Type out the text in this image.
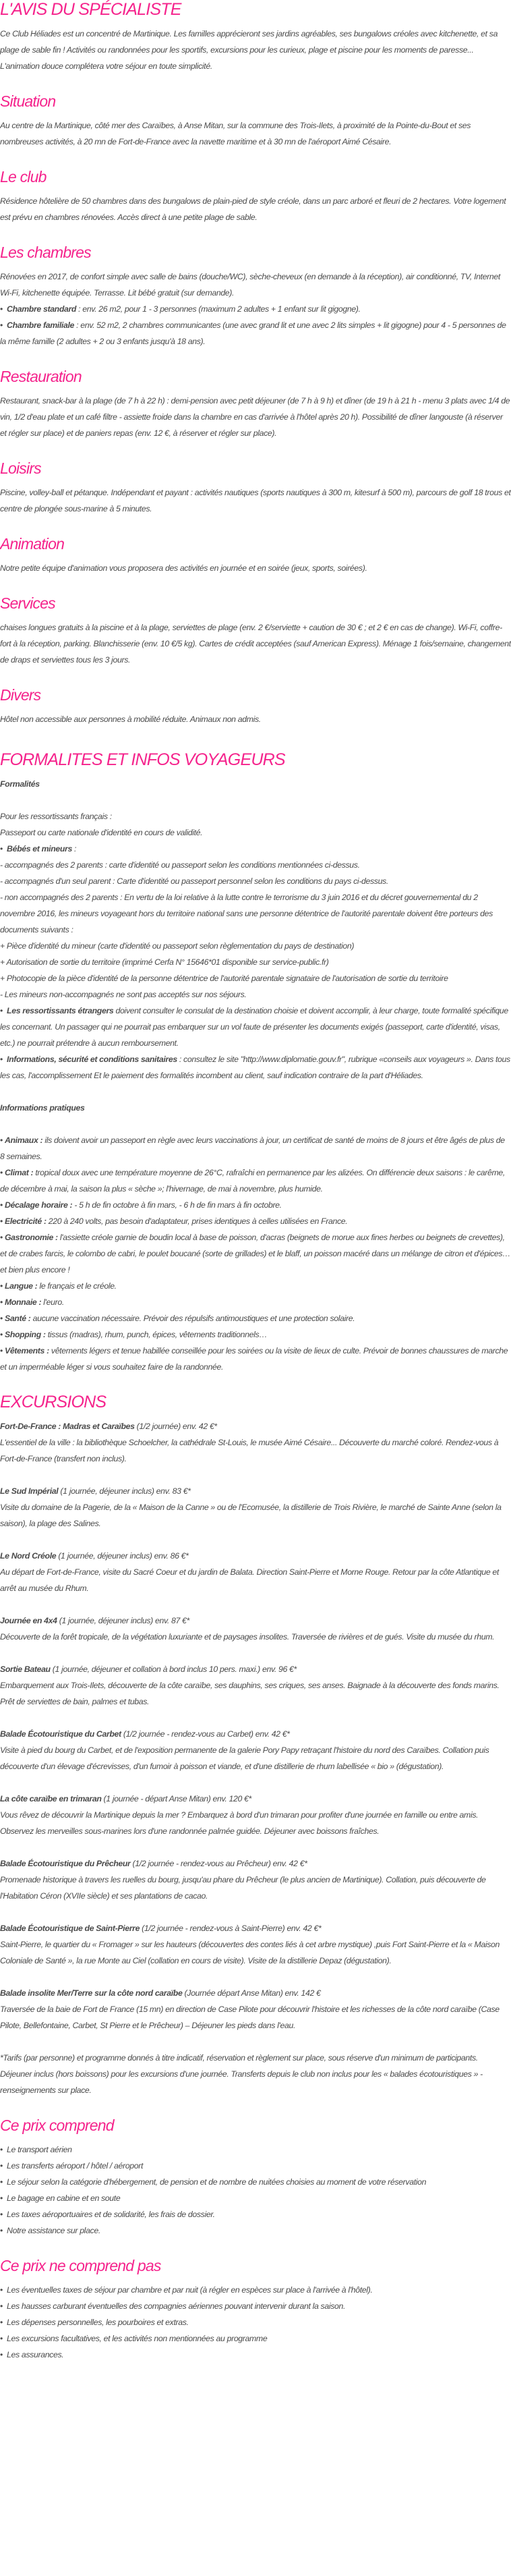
L'AVIS DU SPÉCIALISTE

Ce Club Héliades est un concentré de Martinique. Les familles apprécieront ses jardins agréables, ses bungalows créoles avec kitchenette, et sa plage de sable fin ! Activités ou randonnées pour les sportifs, excursions pour les curieux, plage et piscine pour les moments de paresse... L'animation douce complétera votre séjour en toute simplicité.

Situation

Au centre de la Martinique, côté mer des Caraïbes, à Anse Mitan, sur la commune des Trois-Ilets, à proximité de la Pointe-du-Bout et ses nombreuses activités, à 20 mn de Fort-de-France avec la navette maritime et à 30 mn de l'aéroport Aimé Césaire.

Le club

Résidence hôtelière de 50 chambres dans des bungalows de plain-pied de style créole, dans un parc arboré et fleuri de 2 hectares. Votre logement est prévu en chambres rénovées. Accès direct à une petite plage de sable.

Les chambres

Rénovées en 2017, de confort simple avec salle de bains (douche/WC), sèche-cheveux (en demande à la réception), air conditionné, TV, Internet Wi-Fi, kitchenette équipée. Terrasse. Lit bébé gratuit (sur demande).

• Chambre standard : env. 26 m2, pour 1 - 3 personnes (maximum 2 adultes + 1 enfant sur lit gigogne).

• Chambre familiale : env. 52 m2, 2 chambres communicantes (une avec grand lit et une avec 2 lits simples + lit gigogne) pour 4 - 5 personnes de la même famille (2 adultes + 2 ou 3 enfants jusqu'à 18 ans).

Restauration

Restaurant, snack-bar à la plage (de 7 h à 22 h) : demi-pension avec petit déjeuner (de 7 h à 9 h) et dîner (de 19 h à 21 h - menu 3 plats avec 1/4 de vin, 1/2 d'eau plate et un café filtre - assiette froide dans la chambre en cas d'arrivée à l'hôtel après 20 h). Possibilité de dîner langouste (à réserver et régler sur place) et de paniers repas (env. 12 €, à réserver et régler sur place).

Loisirs

Piscine, volley-ball et pétanque. Indépendant et payant : activités nautiques (sports nautiques à 300 m, kitesurf à 500 m), parcours de golf 18 trous et centre de plongée sous-marine à 5 minutes.

Animation

Notre petite équipe d'animation vous proposera des activités en journée et en soirée (jeux, sports, soirées).

Services

chaises longues gratuits à la piscine et à la plage, serviettes de plage (env. 2 €/serviette + caution de 30 € ; et 2 € en cas de change). Wi-Fi, coffre-fort à la réception, parking. Blanchisserie (env. 10 €/5 kg). Cartes de crédit acceptées (sauf American Express). Ménage 1 fois/semaine, changement de draps et serviettes tous les 3 jours.

Divers

Hôtel non accessible aux personnes à mobilité réduite. Animaux non admis.

FORMALITES ET INFOS VOYAGEURS
Formalités

Pour les ressortissants français :

Passeport ou carte nationale d'identité en cours de validité.

• Bébés et mineurs :

- accompagnés des 2 parents : carte d'identité ou passeport selon les conditions mentionnées ci-dessus.

- accompagnés d'un seul parent : Carte d'identité ou passeport personnel selon les conditions du pays ci-dessus.

- non accompagnés des 2 parents : En vertu de la loi relative à la lutte contre le terrorisme du 3 juin 2016 et du décret gouvernemental du 2 novembre 2016, les mineurs voyageant hors du territoire national sans une personne détentrice de l'autorité parentale doivent être porteurs des documents suivants :

+ Pièce d'identité du mineur (carte d'identité ou passeport selon règlementation du pays de destination)

+ Autorisation de sortie du territoire (imprimé Cerfa N° 15646*01 disponible sur service-public.fr)

+ Photocopie de la pièce d'identité de la personne détentrice de l'autorité parentale signataire de l'autorisation de sortie du territoire

- Les mineurs non-accompagnés ne sont pas acceptés sur nos séjours.

• Les ressortissants étrangers doivent consulter le consulat de la destination choisie et doivent accomplir, à leur charge, toute formalité spécifique les concernant. Un passager qui ne pourrait pas embarquer sur un vol faute de présenter les documents exigés (passeport, carte d'identité, visas, etc.) ne pourrait prétendre à aucun remboursement.

• Informations, sécurité et conditions sanitaires : consultez le site "http://www.diplomatie.gouv.fr", rubrique «conseils aux voyageurs ». Dans tous les cas, l'accomplissement Et le paiement des formalités incombent au client, sauf indication contraire de la part d'Héliades.

Informations pratiques

• Animaux : ils doivent avoir un passeport en règle avec leurs vaccinations à jour, un certificat de santé de moins de 8 jours et être âgés de plus de 8 semaines.

• Climat : tropical doux avec une température moyenne de 26°C, rafraîchi en permanence par les alizées. On différencie deux saisons : le carême, de décembre à mai, la saison la plus « sèche »; l'hivernage, de mai à novembre, plus humide.

• Décalage horaire : - 5 h de fin octobre à fin mars, - 6 h de fin mars à fin octobre.

• Electricité : 220 à 240 volts, pas besoin d'adaptateur, prises identiques à celles utilisées en France.

• Gastronomie : l'assiette créole garnie de boudin local à base de poisson, d'acras (beignets de morue aux fines herbes ou beignets de crevettes), et de crabes farcis, le colombo de cabri, le poulet boucané (sorte de grillades) et le blaff, un poisson macéré dans un mélange de citron et d'épices… et bien plus encore !

• Langue : le français et le créole.

• Monnaie : l'euro.

• Santé : aucune vaccination nécessaire. Prévoir des répulsifs antimoustiques et une protection solaire.

• Shopping : tissus (madras), rhum, punch, épices, vêtements traditionnels…

• Vêtements : vêtements légers et tenue habillée conseillée pour les soirées ou la visite de lieux de culte. Prévoir de bonnes chaussures de marche et un imperméable léger si vous souhaitez faire de la randonnée.

EXCURSIONS

Fort-De-France : Madras et Caraïbes (1/2 journée) env. 42 €*

L'essentiel de la ville : la bibliothèque Schoelcher, la cathédrale St-Louis, le musée Aimé Césaire... Découverte du marché coloré. Rendez-vous à Fort-de-France (transfert non inclus).

Le Sud Impérial (1 journée, déjeuner inclus) env. 83 €*

Visite du domaine de la Pagerie, de la « Maison de la Canne » ou de l'Ecomusée, la distillerie de Trois Rivière, le marché de Sainte Anne (selon la saison), la plage des Salines.

Le Nord Créole (1 journée, déjeuner inclus) env. 86 €*

Au départ de Fort-de-France, visite du Sacré Coeur et du jardin de Balata. Direction Saint-Pierre et Morne Rouge. Retour par la côte Atlantique et arrêt au musée du Rhum.

Journée en 4x4 (1 journée, déjeuner inclus) env. 87 €*

Découverte de la forêt tropicale, de la végétation luxuriante et de paysages insolites. Traversée de rivières et de gués. Visite du musée du rhum.

Sortie Bateau (1 journée, déjeuner et collation à bord inclus 10 pers. maxi.) env. 96 €*

Embarquement aux Trois-Ilets, découverte de la côte caraïbe, ses dauphins, ses criques, ses anses. Baignade à la découverte des fonds marins. Prêt de serviettes de bain, palmes et tubas.

Balade Écotouristique du Carbet (1/2 journée - rendez-vous au Carbet) env. 42 €*

Visite à pied du bourg du Carbet, et de l'exposition permanente de la galerie Pory Papy retraçant l'histoire du nord des Caraïbes. Collation puis découverte d'un élevage d'écrevisses, d'un fumoir à poisson et viande, et d'une distillerie de rhum labellisée « bio » (dégustation).

La côte caraïbe en trimaran (1 journée - départ Anse Mitan) env. 120 €*

Vous rêvez de découvrir la Martinique depuis la mer ? Embarquez à bord d'un trimaran pour profiter d'une journée en famille ou entre amis. Observez les merveilles sous-marines lors d'une randonnée palmée guidée. Déjeuner avec boissons fraîches.

Balade Écotouristique du Prêcheur (1/2 journée - rendez-vous au Prêcheur) env. 42 €*

Promenade historique à travers les ruelles du bourg, jusqu'au phare du Prêcheur (le plus ancien de Martinique). Collation, puis découverte de l'Habitation Céron (XVIIe siècle) et ses plantations de cacao.

Balade Écotouristique de Saint-Pierre (1/2 journée - rendez-vous à Saint-Pierre) env. 42 €*

Saint-Pierre, le quartier du « Fromager » sur les hauteurs (découvertes des contes liés à cet arbre mystique) ,puis Fort Saint-Pierre et la « Maison Coloniale de Santé », la rue Monte au Ciel (collation en cours de visite). Visite de la distillerie Depaz (dégustation).

Balade insolite Mer/Terre sur la côte nord caraïbe (Journée départ Anse Mitan) env. 142 €

Traversée de la baie de Fort de France (15 mn) en direction de Case Pilote pour découvrir l'histoire et les richesses de la côte nord caraïbe (Case Pilote, Bellefontaine, Carbet, St Pierre et le Prêcheur) – Déjeuner les pieds dans l'eau.

*Tarifs (par personne) et programme donnés à titre indicatif, réservation et règlement sur place, sous réserve d'un minimum de participants. Déjeuner inclus (hors boissons) pour les excursions d'une journée. Transferts depuis le club non inclus pour les « balades écotouristiques » - renseignements sur place.

Ce prix comprend
• Le transport aérien
• Les transferts aéroport / hôtel / aéroport
• Le séjour selon la catégorie d'hébergement, de pension et de nombre de nuitées choisies au moment de votre réservation
• Le bagage en cabine et en soute
• Les taxes aéroportuaires et de solidarité, les frais de dossier.
• Notre assistance sur place.
Ce prix ne comprend pas
• Les éventuelles taxes de séjour par chambre et par nuit (à régler en espèces sur place à l'arrivée à l'hôtel).
• Les hausses carburant éventuelles des compagnies aériennes pouvant intervenir durant la saison.
• Les dépenses personnelles, les pourboires et extras.
• Les excursions facultatives, et les activités non mentionnées au programme
• Les assurances.
